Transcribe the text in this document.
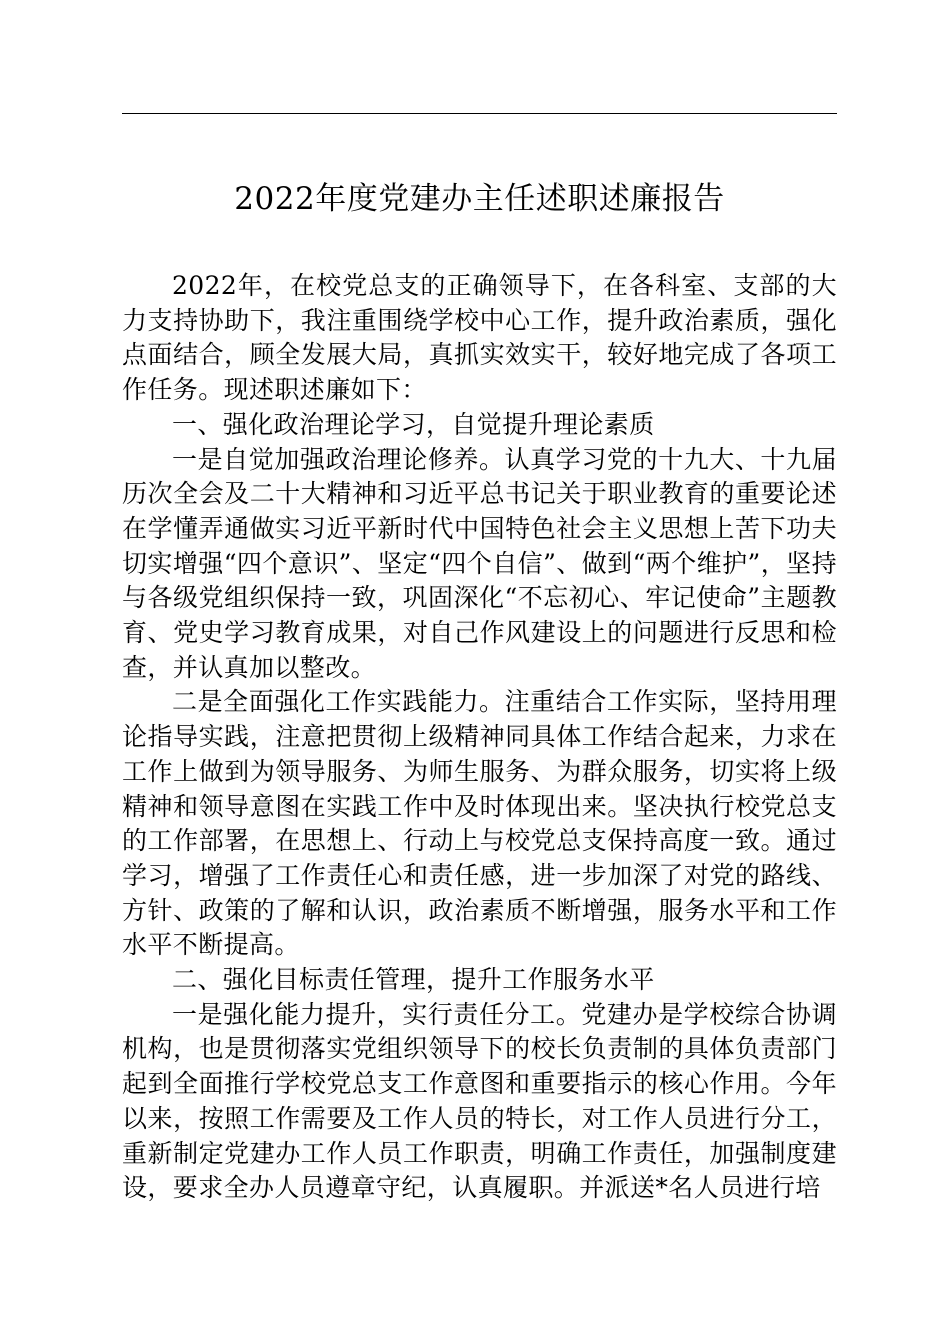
2022年度党建办主任述职述廉报告

2022年，在校党总支的正确领导下，在各科室、支部的大力支持协助下，我注重围绕学校中心工作，提升政治素质，强化点面结合，顾全发展大局，真抓实效实干，较好地完成了各项工作任务。现述职述廉如下：

一、强化政治理论学习，自觉提升理论素质

一是自觉加强政治理论修养。认真学习党的十九大、十九届历次全会及二十大精神和习近平总书记关于职业教育的重要论述在学懂弄通做实习近平新时代中国特色社会主义思想上苦下功夫切实增强“四个意识”、坚定“四个自信”、做到“两个维护”，坚持与各级党组织保持一致，巩固深化“不忘初心、牢记使命”主题教育、党史学习教育成果，对自己作风建设上的问题进行反思和检查，并认真加以整改。

二是全面强化工作实践能力。注重结合工作实际，坚持用理论指导实践，注意把贯彻上级精神同具体工作结合起来，力求在工作上做到为领导服务、为师生服务、为群众服务，切实将上级精神和领导意图在实践工作中及时体现出来。坚决执行校党总支的工作部署，在思想上、行动上与校党总支保持高度一致。通过学习，增强了工作责任心和责任感，进一步加深了对党的路线、方针、政策的了解和认识，政治素质不断增强，服务水平和工作水平不断提高。

二、强化目标责任管理，提升工作服务水平

一是强化能力提升，实行责任分工。党建办是学校综合协调机构，也是贯彻落实党组织领导下的校长负责制的具体负责部门起到全面推行学校党总支工作意图和重要指示的核心作用。今年以来，按照工作需要及工作人员的特长，对工作人员进行分工，重新制定党建办工作人员工作职责，明确工作责任，加强制度建设，要求全办人员遵章守纪，认真履职。并派送*名人员进行培
